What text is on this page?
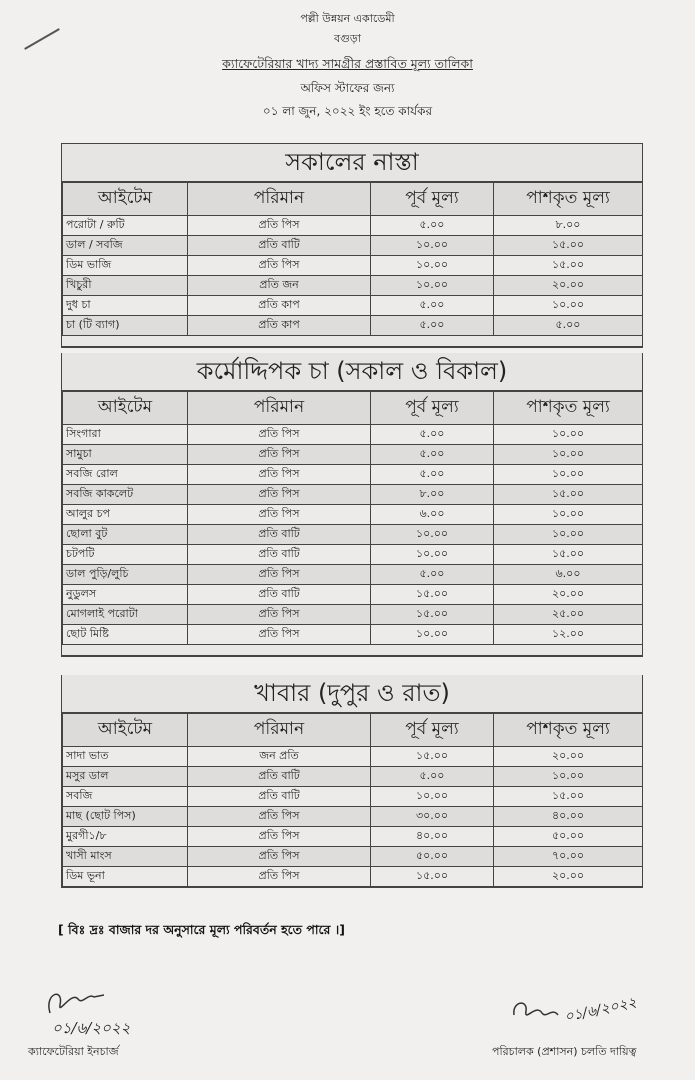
পল্লী উন্নয়ন একাডেমী
বগুড়া
ক্যাফেটেরিয়ার খাদ্য সামগ্রীর প্রস্তাবিত মূল্য তালিকা
অফিস স্টাফের জন্য
০১ লা জুন, ২০২২ ইং হতে কার্যকর
সকালের নাস্তা
আইটেম	পরিমান	পূর্ব মূল্য	পাশকৃত মূল্য
পরোটা / রুটি	প্রতি পিস	৫.০০	৮.০০
ডাল / সবজি	প্রতি বাটি	১০.০০	১৫.০০
ডিম ভাজি	প্রতি পিস	১০.০০	১৫.০০
খিচুরী	প্রতি জন	১০.০০	২০.০০
দুধ চা	প্রতি কাপ	৫.০০	১০.০০
চা (টি ব্যাগ)	প্রতি কাপ	৫.০০	৫.০০
কর্মোদ্দিপক চা (সকাল ও বিকাল)
আইটেম	পরিমান	পূর্ব মূল্য	পাশকৃত মূল্য
সিংগারা	প্রতি পিস	৫.০০	১০.০০
সামুচা	প্রতি পিস	৫.০০	১০.০০
সবজি রোল	প্রতি পিস	৫.০০	১০.০০
সবজি কাকলেট	প্রতি পিস	৮.০০	১৫.০০
আলুর চপ	প্রতি পিস	৬.০০	১০.০০
ছোলা বুট	প্রতি বাটি	১০.০০	১০.০০
চটপটি	প্রতি বাটি	১০.০০	১৫.০০
ডাল পুড়ি/লুচি	প্রতি পিস	৫.০০	৬.০০
নুডুলস	প্রতি বাটি	১৫.০০	২০.০০
মোগলাই পরোটা	প্রতি পিস	১৫.০০	২৫.০০
ছোট মিষ্টি	প্রতি পিস	১০.০০	১২.০০
খাবার (দুপুর ও রাত)
আইটেম	পরিমান	পূর্ব মূল্য	পাশকৃত মূল্য
সাদা ভাত	জন প্রতি	১৫.০০	২০.০০
মসুর ডাল	প্রতি বাটি	৫.০০	১০.০০
সবজি	প্রতি বাটি	১০.০০	১৫.০০
মাছ (ছোট পিস)	প্রতি পিস	৩০.০০	৪০.০০
মুরগী১/৮	প্রতি পিস	৪০.০০	৫০.০০
খাসী মাংস	প্রতি পিস	৫০.০০	৭০.০০
ডিম ভূনা	প্রতি পিস	১৫.০০	২০.০০
[ বিঃ দ্রঃ বাজার দর অনুসারে মূল্য পরিবর্তন হতে পারে ।]
০১/৬/২০২২
ক্যাফেটেরিয়া ইনচার্জ
০১/৬/২০২২
পরিচালক (প্রশাসন) চলতি দায়িত্ব
